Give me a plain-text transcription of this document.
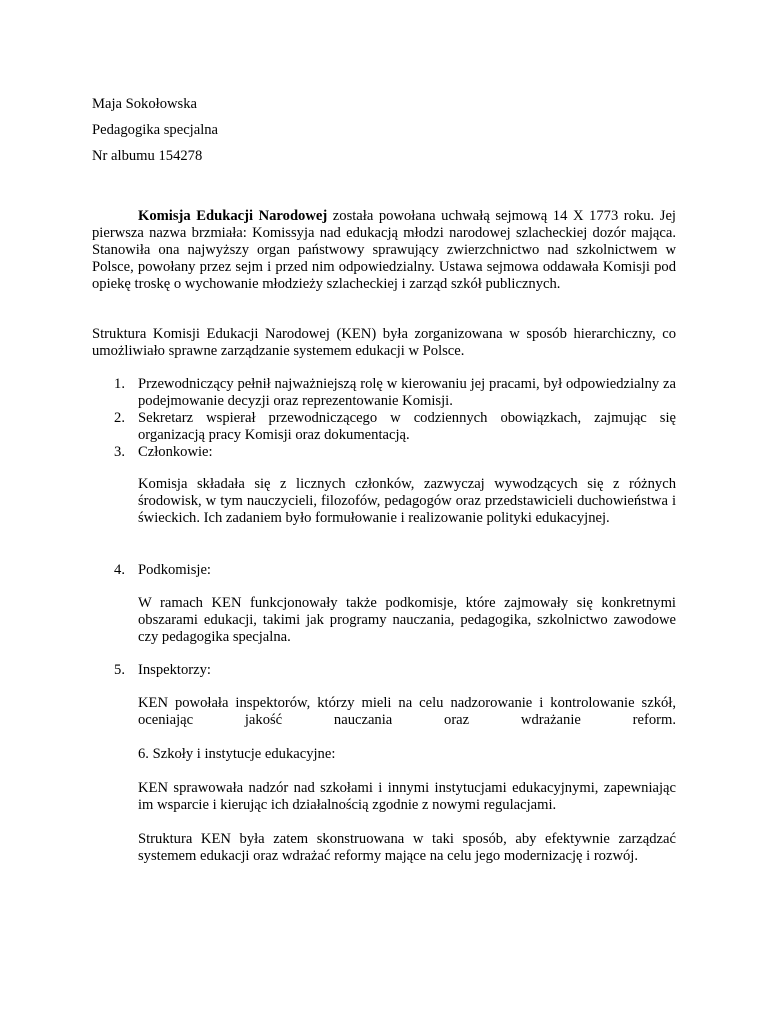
Maja Sokołowska

Pedagogika specjalna

Nr albumu 154278

Komisja Edukacji Narodowej została powołana uchwałą sejmową 14 X 1773 roku. Jej pierwsza nazwa brzmiała: Komissyja nad edukacją młodzi narodowej szlacheckiej dozór mająca. Stanowiła ona najwyższy organ państwowy sprawujący zwierzchnictwo nad szkolnictwem w Polsce, powołany przez sejm i przed nim odpowiedzialny. Ustawa sejmowa oddawała Komisji pod opiekę troskę o wychowanie młodzieży szlacheckiej i zarząd szkół publicznych.

Struktura Komisji Edukacji Narodowej (KEN) była zorganizowana w sposób hierarchiczny, co umożliwiało sprawne zarządzanie systemem edukacji w Polsce.

1. Przewodniczący pełnił najważniejszą rolę w kierowaniu jej pracami, był odpowiedzialny za podejmowanie decyzji oraz reprezentowanie Komisji.

2. Sekretarz wspierał przewodniczącego w codziennych obowiązkach, zajmując się organizacją pracy Komisji oraz dokumentacją.

3. Członkowie:

Komisja składała się z licznych członków, zazwyczaj wywodzących się z różnych środowisk, w tym nauczycieli, filozofów, pedagogów oraz przedstawicieli duchowieństwa i świeckich. Ich zadaniem było formułowanie i realizowanie polityki edukacyjnej.

4. Podkomisje:

W ramach KEN funkcjonowały także podkomisje, które zajmowały się konkretnymi obszarami edukacji, takimi jak programy nauczania, pedagogika, szkolnictwo zawodowe czy pedagogika specjalna.

5. Inspektorzy:

KEN powołała inspektorów, którzy mieli na celu nadzorowanie i kontrolowanie szkół, oceniając jakość nauczania oraz wdrażanie reform.

6. Szkoły i instytucje edukacyjne:

KEN sprawowała nadzór nad szkołami i innymi instytucjami edukacyjnymi, zapewniając im wsparcie i kierując ich działalnością zgodnie z nowymi regulacjami.

Struktura KEN była zatem skonstruowana w taki sposób, aby efektywnie zarządzać systemem edukacji oraz wdrażać reformy mające na celu jego modernizację i rozwój.
